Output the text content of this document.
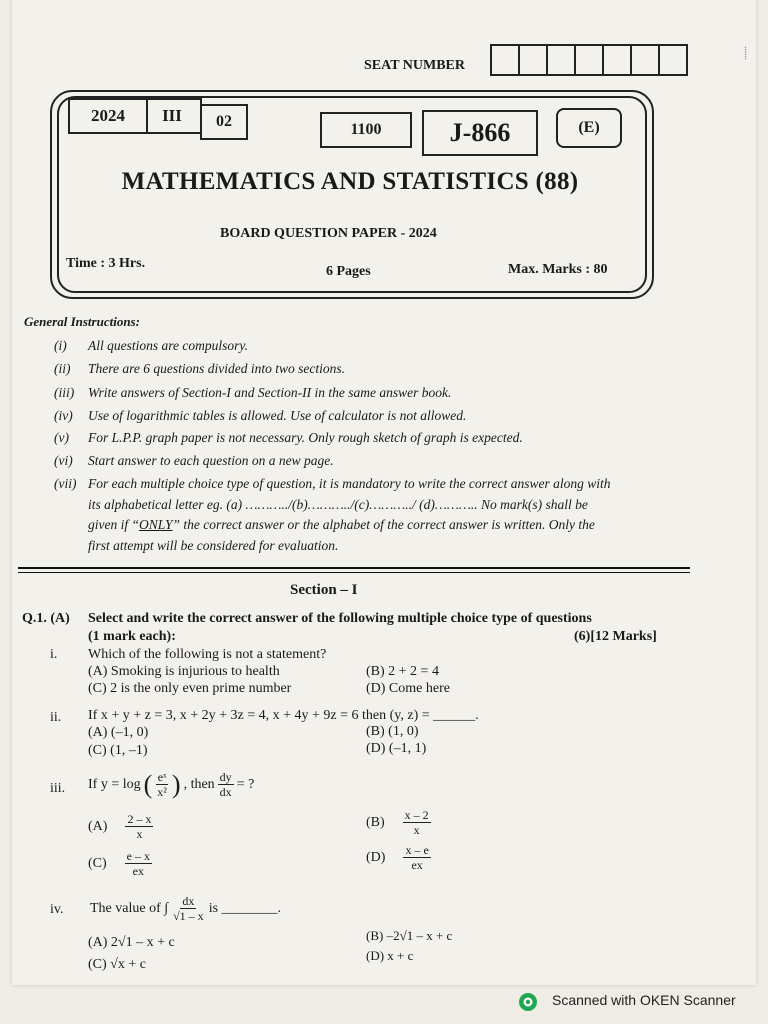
SEAT NUMBER
⸽
2024	III	02	1100	J-866	(E)
MATHEMATICS AND STATISTICS (88)
BOARD QUESTION PAPER - 2024
Time : 3 Hrs.
6 Pages	Max. Marks : 80
General Instructions:
(i) All questions are compulsory.
(ii) There are 6 questions divided into two sections.
(iii) Write answers of Section-I and Section-II in the same answer book.
(iv) Use of logarithmic tables is allowed. Use of calculator is not allowed.
(v) For L.P.P. graph paper is not necessary. Only rough sketch of graph is expected.
(vi) Start answer to each question on a new page.
(vii) For each multiple choice type of question, it is mandatory to write the correct answer along with
its alphabetical letter eg. (a) ………../(b)………../(c)………../ (d)……….. No mark(s) shall be
given if “ONLY” the correct answer or the alphabet of the correct answer is written. Only the
first attempt will be considered for evaluation.
Section – I
Q.1. (A) Select and write the correct answer of the following multiple choice type of questions
(1 mark each):	(6)[12 Marks]
i. Which of the following is not a statement?
(A) Smoking is injurious to health	(B) 2 + 2 = 4
(C) 2 is the only even prime number	(D) Come here
ii. If x + y + z = 3, x + 2y + 3z = 4, x + 4y + 9z = 6 then (y, z) = ______.
(A) (–1, 0)	(B) (1, 0)
(C) (1, –1)	(D) (–1, 1)
iii. If y = log ( $\frac{\text{eˣ}}{\text{x²}}$ ) , then $\frac{dy}{dx}$ = ?
$(A) \frac{2 - x}{x}$	$(B) \frac{x - 2}{x}$
$(C) \frac{e - x}{ex}$	$(D) \frac{x - e}{ex}$
iv. The value of ∫ $\frac{dx}{√1 - x}$ is ________.
(A) 2√1 – x + c	(B) –2√1 – x + c
(C) √x + c
(D) x + c
Scanned with OKEN Scanner
